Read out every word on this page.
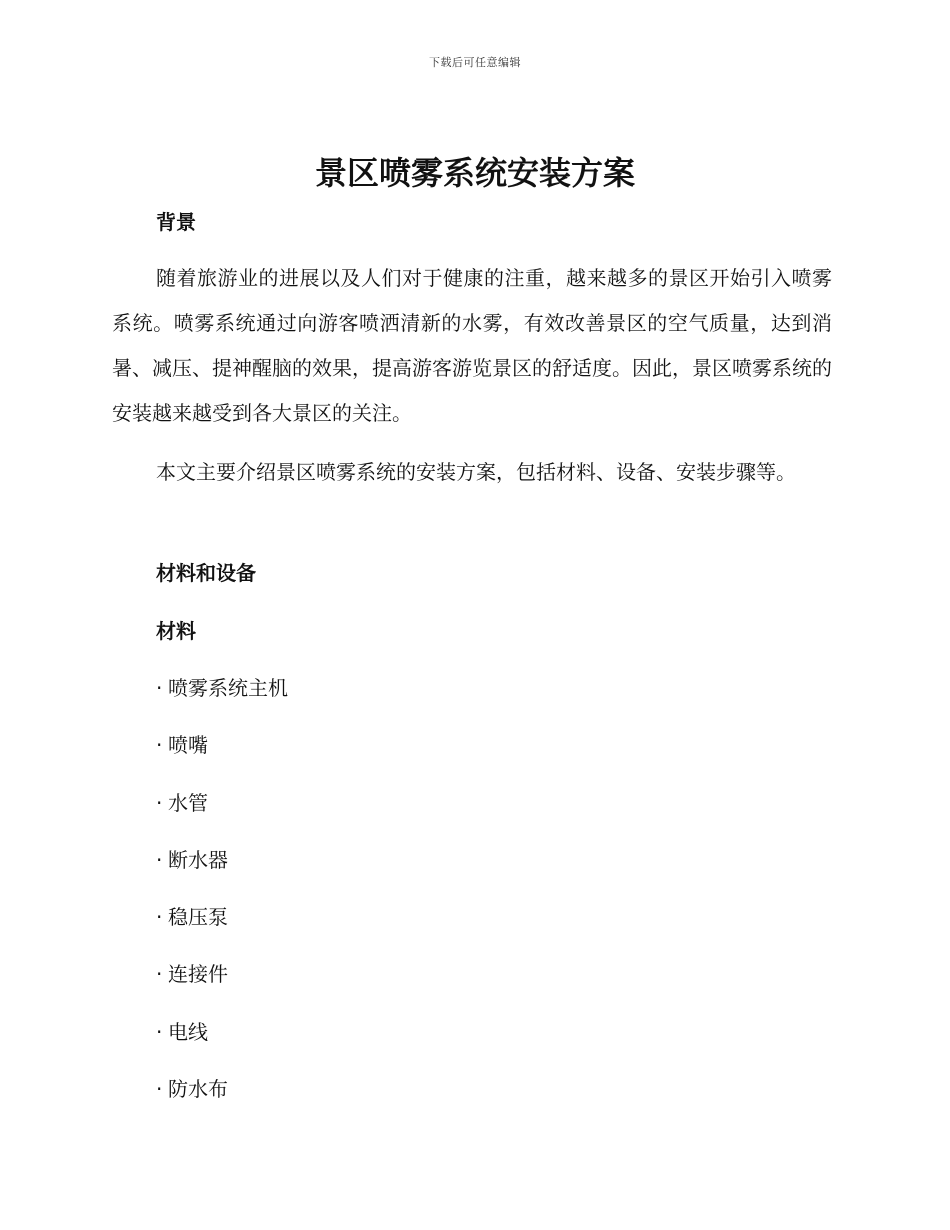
下载后可任意编辑
景区喷雾系统安装方案
背景

随着旅游业的进展以及人们对于健康的注重，越来越多的景区开始引入喷雾系统。喷雾系统通过向游客喷洒清新的水雾，有效改善景区的空气质量，达到消暑、减压、提神醒脑的效果，提高游客游览景区的舒适度。因此，景区喷雾系统的安装越来越受到各大景区的关注。

本文主要介绍景区喷雾系统的安装方案，包括材料、设备、安装步骤等。

材料和设备
材料
· 喷雾系统主机
· 喷嘴
· 水管
· 断水器
· 稳压泵
· 连接件
· 电线
· 防水布
